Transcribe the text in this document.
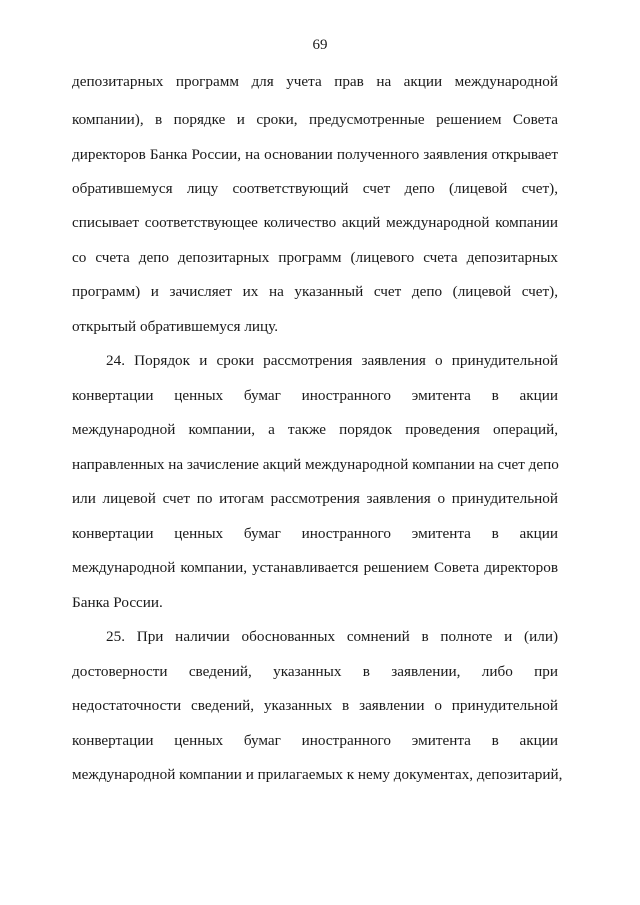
69
депозитарных программ для учета прав на акции международной
компании), в порядке и сроки, предусмотренные решением Совета
директоров Банка России, на основании полученного заявления открывает
обратившемуся лицу соответствующий счет депо (лицевой счет),
списывает соответствующее количество акций международной компании
со счета депо депозитарных программ (лицевого счета депозитарных
программ) и зачисляет их на указанный счет депо (лицевой счет),
открытый обратившемуся лицу.
24. Порядок и сроки рассмотрения заявления о принудительной
конвертации ценных бумаг иностранного эмитента в акции
международной компании, а также порядок проведения операций,
направленных на зачисление акций международной компании на счет депо
или лицевой счет по итогам рассмотрения заявления о принудительной
конвертации ценных бумаг иностранного эмитента в акции
международной компании, устанавливается решением Совета директоров
Банка России.
25. При наличии обоснованных сомнений в полноте и (или)
достоверности сведений, указанных в заявлении, либо при
недостаточности сведений, указанных в заявлении о принудительной
конвертации ценных бумаг иностранного эмитента в акции
международной компании и прилагаемых к нему документах, депозитарий,
